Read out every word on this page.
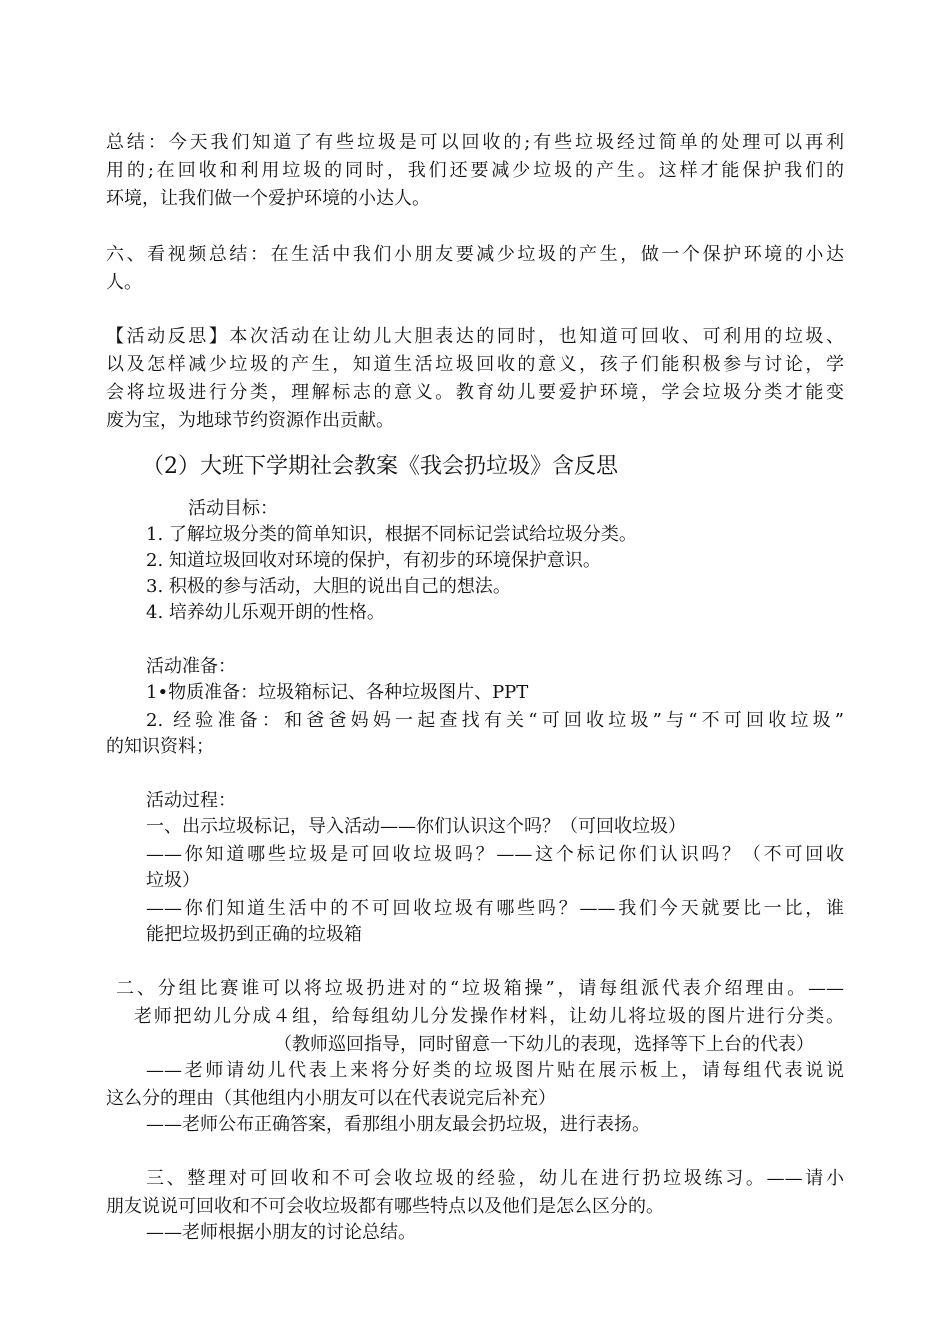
总结：今天我们知道了有些垃圾是可以回收的;有些垃圾经过简单的处理可以再利

用的;在回收和利用垃圾的同时，我们还要减少垃圾的产生。这样才能保护我们的

环境，让我们做一个爱护环境的小达人。

六、看视频总结：在生活中我们小朋友要减少垃圾的产生，做一个保护环境的小达

人。

【活动反思】本次活动在让幼儿大胆表达的同时，也知道可回收、可利用的垃圾、

以及怎样减少垃圾的产生，知道生活垃圾回收的意义，孩子们能积极参与讨论，学

会将垃圾进行分类，理解标志的意义。教育幼儿要爱护环境，学会垃圾分类才能变

废为宝，为地球节约资源作出贡献。

（2）大班下学期社会教案《我会扔垃圾》含反思

活动目标：

1. 了解垃圾分类的简单知识，根据不同标记尝试给垃圾分类。

2. 知道垃圾回收对环境的保护，有初步的环境保护意识。

3. 积极的参与活动，大胆的说出自己的想法。

4. 培养幼儿乐观开朗的性格。

活动准备：

1•物质准备：垃圾箱标记、各种垃圾图片、PPT

2. 经验准备：和爸爸妈妈一起查找有关“可回收垃圾”与“不可回收垃圾”

的知识资料；

活动过程：

一、出示垃圾标记，导入活动——你们认识这个吗？（可回收垃圾）

——你知道哪些垃圾是可回收垃圾吗？——这个标记你们认识吗？（不可回收

垃圾）

——你们知道生活中的不可回收垃圾有哪些吗？——我们今天就要比一比，谁

能把垃圾扔到正确的垃圾箱

二、分组比赛谁可以将垃圾扔进对的“垃圾箱操”，请每组派代表介绍理由。——

老师把幼儿分成４组，给每组幼儿分发操作材料，让幼儿将垃圾的图片进行分类。

（教师巡回指导，同时留意一下幼儿的表现，选择等下上台的代表）

——老师请幼儿代表上来将分好类的垃圾图片贴在展示板上，请每组代表说说

这么分的理由（其他组内小朋友可以在代表说完后补充）

——老师公布正确答案，看那组小朋友最会扔垃圾，进行表扬。

三、整理对可回收和不可会收垃圾的经验，幼儿在进行扔垃圾练习。——请小

朋友说说可回收和不可会收垃圾都有哪些特点以及他们是怎么区分的。

——老师根据小朋友的讨论总结。
